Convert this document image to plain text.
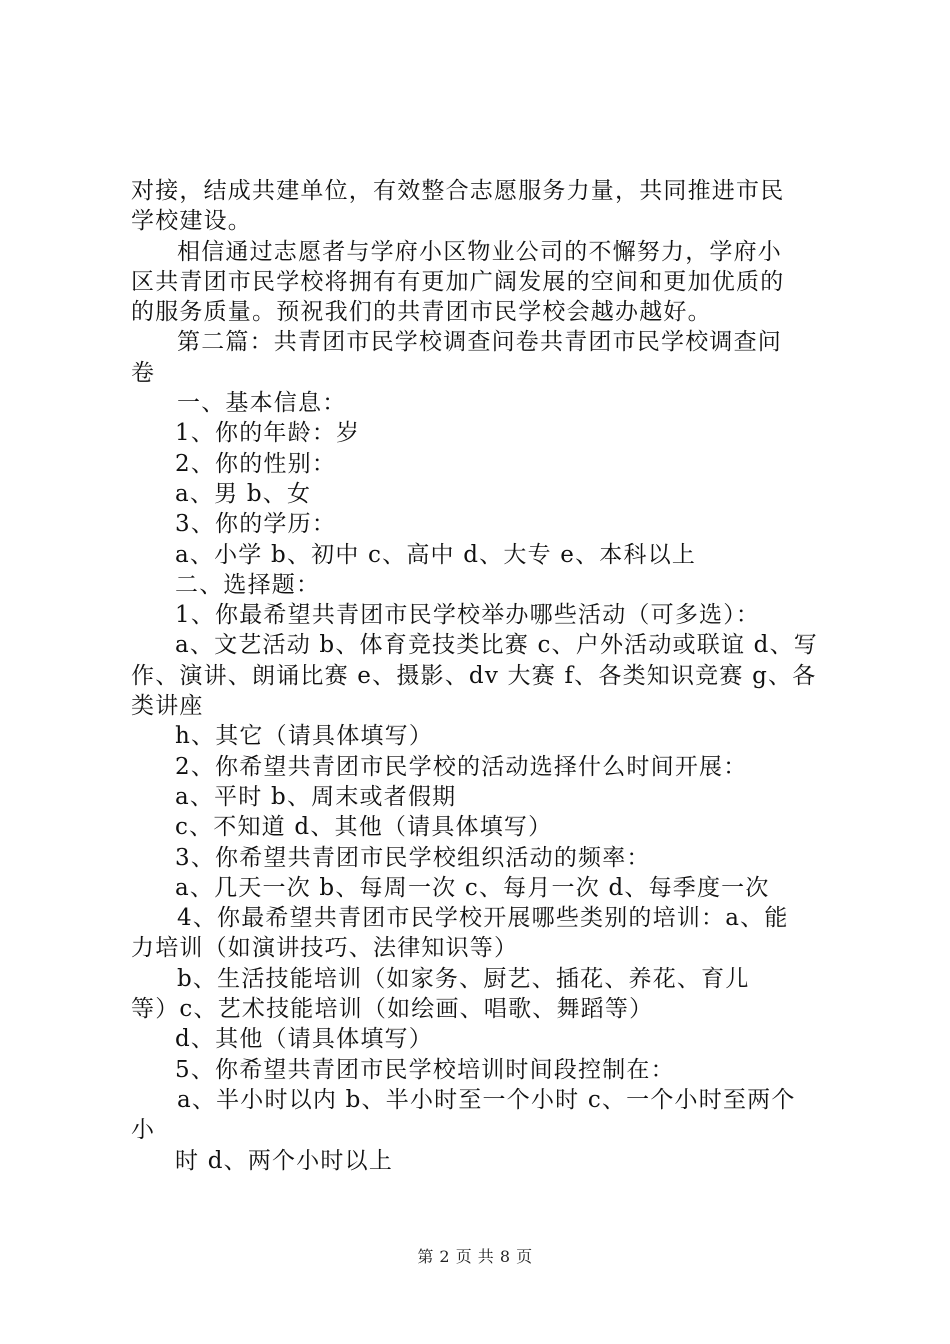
对接，结成共建单位，有效整合志愿服务力量，共同推进市民
学校建设。
相信通过志愿者与学府小区物业公司的不懈努力，学府小
区共青团市民学校将拥有有更加广阔发展的空间和更加优质的
的服务质量。预祝我们的共青团市民学校会越办越好。
第二篇：共青团市民学校调查问卷共青团市民学校调查问
卷
一、基本信息：
1、你的年龄：岁
2、你的性别：
a、男 b、女
3、你的学历：
a、小学 b、初中 c、高中 d、大专 e、本科以上
二、选择题：
1、你最希望共青团市民学校举办哪些活动（可多选）：
a、文艺活动 b、体育竞技类比赛 c、户外活动或联谊 d、写
作、演讲、朗诵比赛 e、摄影、dv 大赛 f、各类知识竞赛 g、各
类讲座
h、其它（请具体填写）
2、你希望共青团市民学校的活动选择什么时间开展：
a、平时 b、周末或者假期
c、不知道 d、其他（请具体填写）
3、你希望共青团市民学校组织活动的频率：
a、几天一次 b、每周一次 c、每月一次 d、每季度一次
4、你最希望共青团市民学校开展哪些类别的培训：a、能
力培训（如演讲技巧、法律知识等）
b、生活技能培训（如家务、厨艺、插花、养花、育儿
等）c、艺术技能培训（如绘画、唱歌、舞蹈等）
d、其他（请具体填写）
5、你希望共青团市民学校培训时间段控制在：
a、半小时以内 b、半小时至一个小时 c、一个小时至两个
小
时 d、两个小时以上
第 2 页 共 8 页
